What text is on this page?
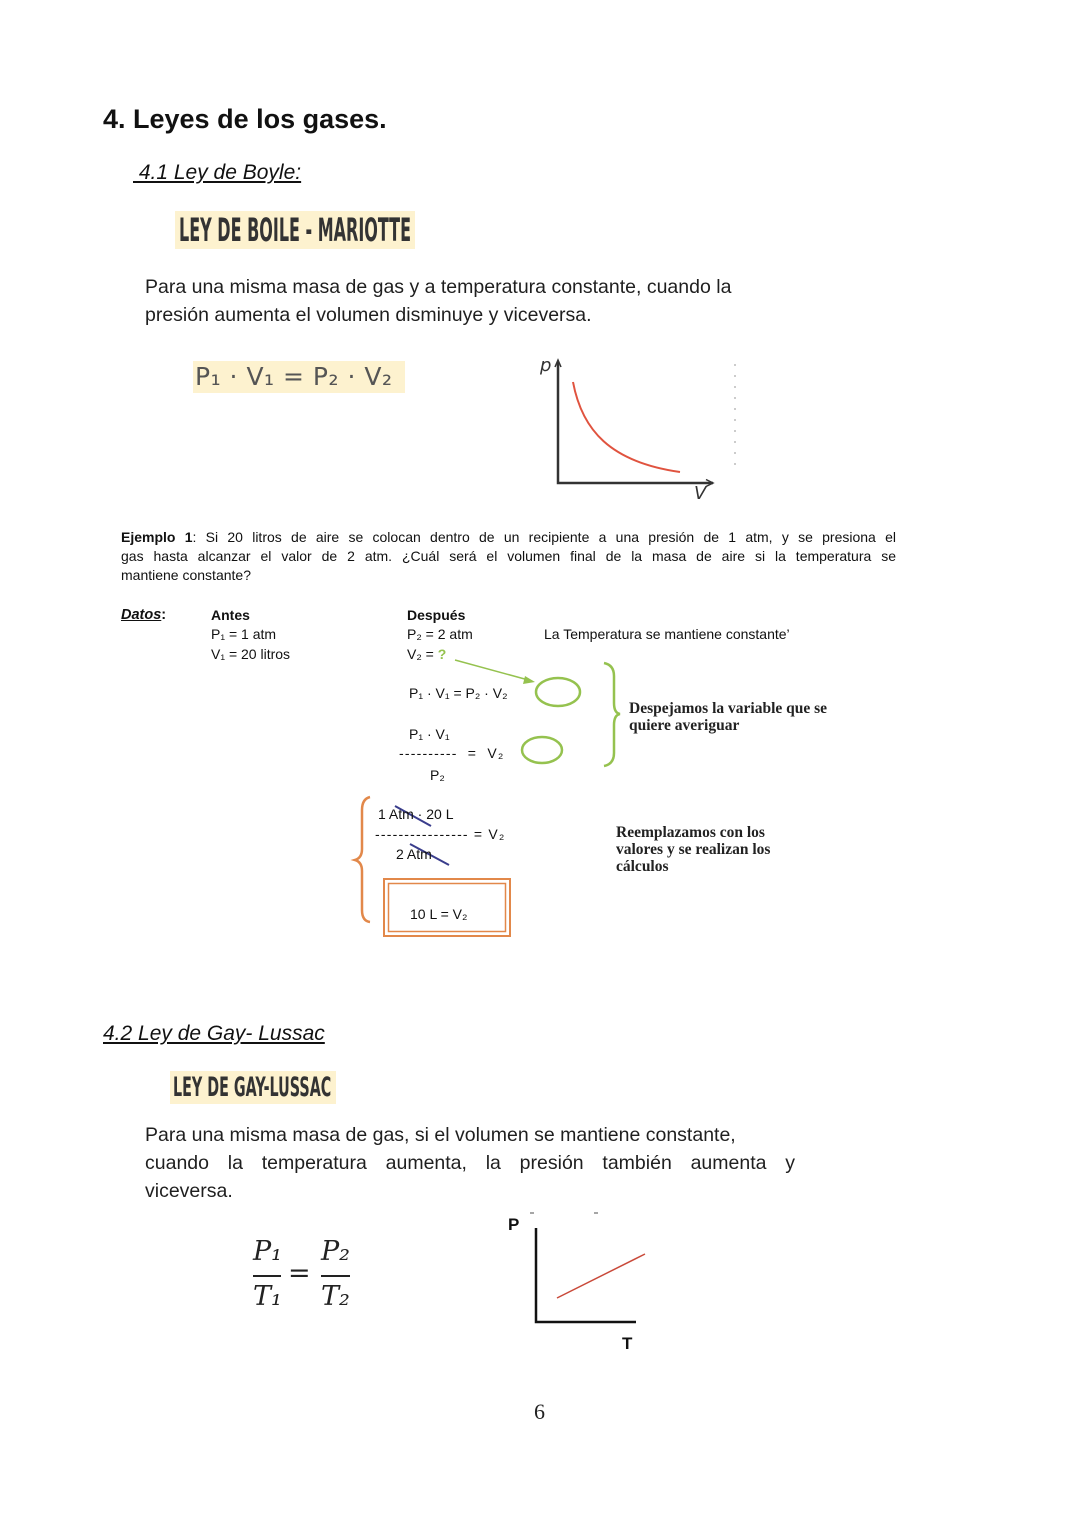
4. Leyes de los gases.
4.1 Ley de Boyle:
LEY DE BOILE - MARIOTTE
Para una misma masa de gas y a temperatura constante, cuando la
presión aumenta el volumen disminuye y viceversa.
P₁ · V₁ = P₂ · V₂	p
V
Ejemplo 1: Si 20 litros de aire se colocan dentro de un recipiente a una presión de 1 atm, y se presiona el
gas hasta alcanzar el valor de 2 atm. ¿Cuál será el volumen final de la masa de aire si la temperatura se
mantiene constante?
Datos:	Antes
P₁ = 1 atm
V₁ = 20 litros
Después
P₂ = 2 atm
V₂ = ?
La Temperatura se mantiene constante’
P₁ · V₁ = P₂ · V₂
Despejamos la variable que se
quiere averiguar
P₁ · V₁
----------  =  V₂
P₂
1 Atm · 20 L
---------------- = V₂
2 Atm
10 L = V₂
Reemplazamos con los
valores y se realizan los
cálculos
4.2 Ley de Gay- Lussac
LEY DE GAY-LUSSAC
Para una misma masa de gas, si el volumen se mantiene constante,
cuando la temperatura aumenta, la presión también aumenta y
viceversa.
P₁
T₁
=
P₂
T₂
P
T
6
